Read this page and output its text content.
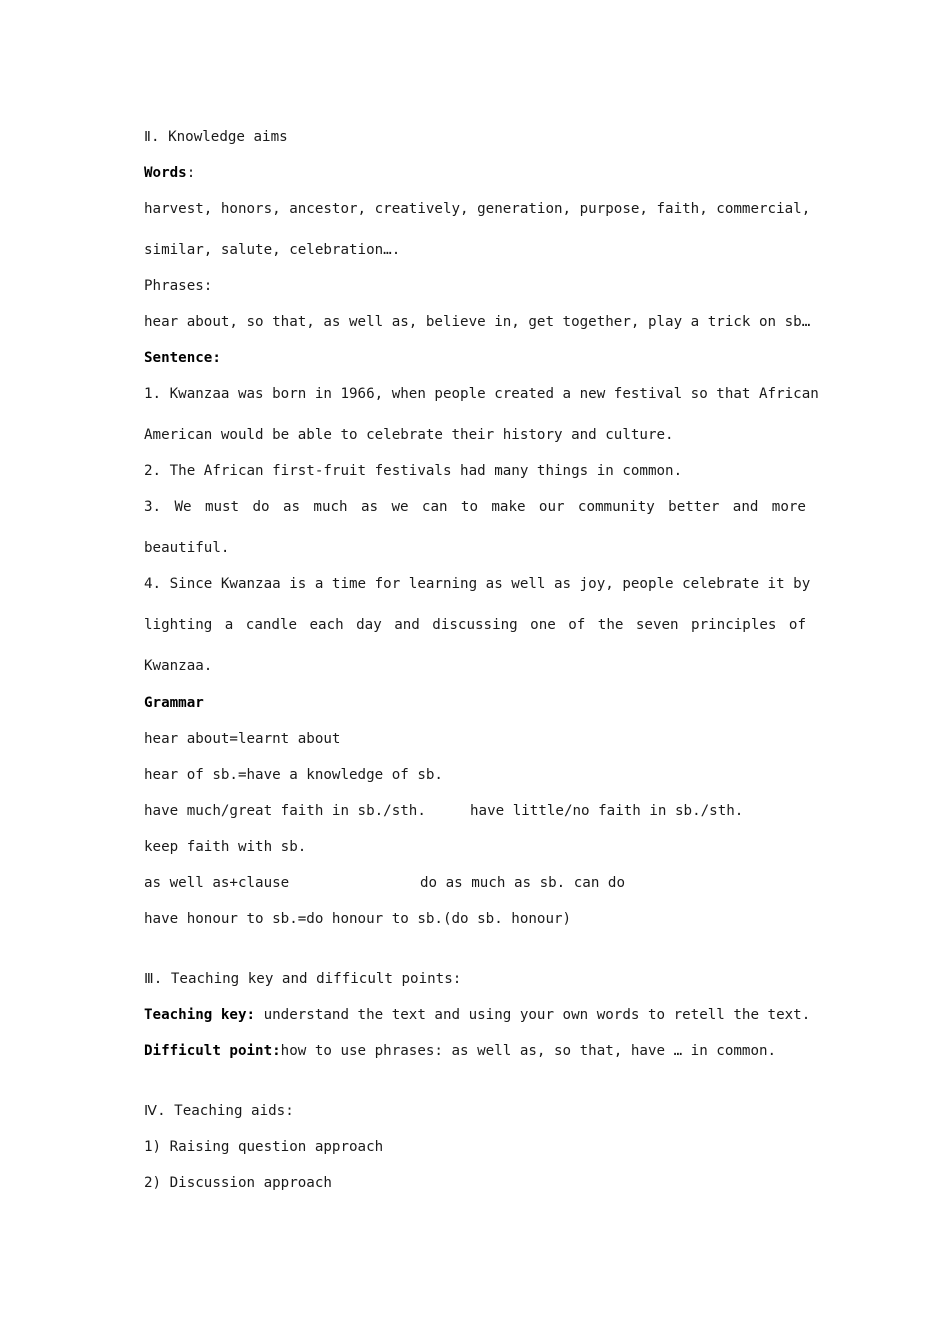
Ⅱ. Knowledge aims

Words:

harvest, honors, ancestor, creatively, generation, purpose, faith, commercial,

similar, salute, celebration….

Phrases:

hear about, so that, as well as, believe in, get together, play a trick on sb…

Sentence:

1. Kwanzaa was born in 1966, when people created a new festival so that African

American would be able to celebrate their history and culture.

2. The African first-fruit festivals had many things in common.

3. We must do as much as we can to make our community better and more

beautiful.

4. Since Kwanzaa is a time for learning as well as joy, people celebrate it by

lighting a candle each day and discussing one of the seven principles of

Kwanzaa.

Grammar

hear about=learnt about

hear of sb.=have a knowledge of sb.

have much/great faith in sb./sth.	have little/no faith in sb./sth.

keep faith with sb.

as well as+clause	do as much as sb. can do

have honour to sb.=do honour to sb.(do sb. honour)

Ⅲ. Teaching key and difficult points:

Teaching key: understand the text and using your own words to retell the text.

Difficult point:how to use phrases: as well as, so that, have … in common.

Ⅳ. Teaching aids:

1) Raising question approach

2) Discussion approach
